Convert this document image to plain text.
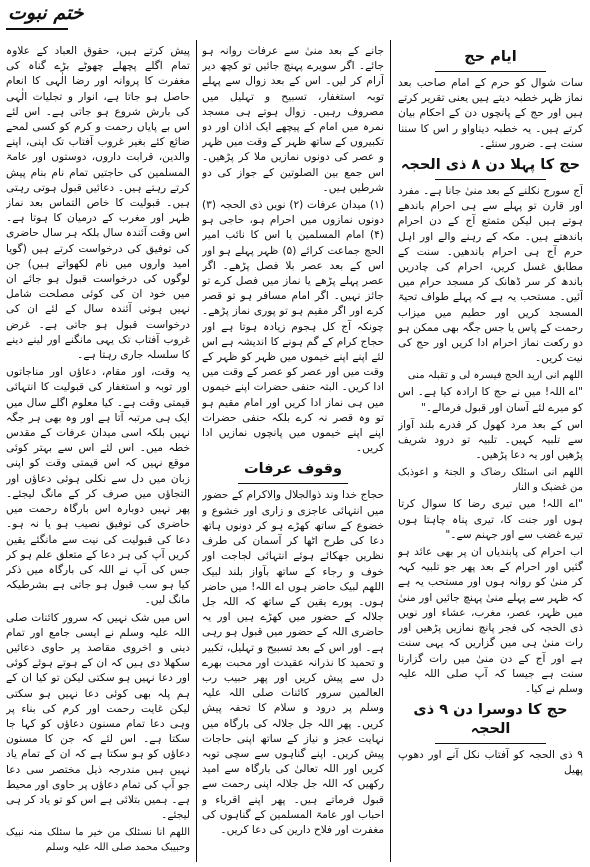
ختم نبوت
ایام حج

سات شوال کو حرم کے امام صاحب بعد نماز ظہر خطبہ دیتے ہیں یعنی تقریر کرتے ہیں اور حج کے پانچوں دن کے احکام بیان کرتے ہیں۔ یہ خطبہ دیناواو ر اس کا سننا سنت ہے۔ ضرور سنئے۔

حج کا پہلا دن ۸ ذی الحجہ

آج سورج نکلنے کے بعد منیٰ جانا ہے۔ مفرد اور قارن تو پہلے سے ہی احرام باندھے ہوتے ہیں لیکن متمتع آج کے دن احرام باندھتے ہیں۔ مکہ کے رہنے والے اور اہل حرم آج ہی احرام باندھیں۔ سنت کے مطابق غسل کریں، احرام کی چادریں باندھ کر سر ڈھانک کر مسجد حرام میں آئیں۔ مستحب یہ ہے کہ پہلے طواف تحیۃ المسجد کریں اور حطیم میں میزاب رحمت کے پاس یا جس جگہ بھی ممکن ہو دو رکعت نماز احرام ادا کریں اور حج کی نیت کریں۔

اللھم انی ارید الحج فیسرہ لی و تقبلہ منی

"اے اللہ! میں نے حج کا ارادہ کیا ہے۔ اس کو میرے لئے آسان اور قبول فرمالے۔"

اس کے بعد مرد کھول کر قدرے بلند آواز سے تلبیہ کہیں۔ تلبیہ تو درود شریف پڑھیں اور یہ دعا پڑھیں۔

اللھم انی اسئلک رضاک و الجنۃ و اعوذبک من غضبک و النار

"اے اللہ! میں تیری رضا کا سوال کرتا ہوں اور جنت کا، تیری پناہ چاہتا ہوں تیرے غضب سے اور جہنم سے۔"

اب احرام کی پابندیاں ان پر بھی عائد ہو گئیں اور احرام کے بعد پھر جو تلبیہ کہہ کر منیٰ کو روانہ ہوں اور مستحب یہ ہے کہ ظہر سے پہلے منیٰ پہنچ جائیں اور منیٰ میں ظہر، عصر، مغرب، عشاء اور نویں ذی الحجہ کی فجر پانچ نمازیں پڑھیں اور رات منیٰ ہی میں گزاریں کہ یہی سنت ہے اور آج کے دن منیٰ میں رات گزارنا سنت ہے جیسا کہ آپ صلی اللہ علیہ وسلم نے کیا۔

حج کا دوسرا دن ۹ ذی الحجہ

۹ ذی الحجہ کو آفتاب نکل آنے اور دھوپ پھیل

جانے کے بعد منیٰ سے عرفات روانہ ہو جائے۔ اگر سویرے پہنچ جائیں تو کچھ دیر آرام کر لیں۔ اس کے بعد زوال سے پہلے توبہ استغفار، تسبیح و تہلیل میں مصروف رہیں۔ زوال ہوتے ہی مسجد نمرہ میں امام کے پیچھے ایک اذان اور دو تکبیروں کے ساتھ ظہر کے وقت میں ظہر و عصر کی دونوں نمازیں ملا کر پڑھیں۔ اس جمع بین الصلوتین کے جواز کی دو شرطیں ہیں۔

(۱) میدان عرفات (۲) نویں ذی الحجہ (۳) دونوں نمازوں میں احرام ہو، حاجی ہو (۴) امام المسلمین یا اس کا نائب امیر الحج جماعت کرائے (۵) ظہر پہلے ہو اور اس کے بعد عصر بلا فصل پڑھے۔ اگر عصر پہلے پڑھے یا نماز میں فصل کرے تو جائز نہیں۔ اگر امام مسافر ہو تو قصر کرے اور اگر مقیم ہو تو پوری نماز پڑھے۔ چونکہ آج کل ہجوم زیادہ ہوتا ہے اور حجاج کرام کے گم ہونے کا اندیشہ ہے اس لئے اپنے اپنے خیموں میں ظہر کو ظہر کے وقت میں اور عصر کو عصر کے وقت میں ادا کریں۔ البتہ حنفی حضرات اپنے خیموں میں ہی نماز ادا کریں اور امام مقیم ہو تو وہ قصر نہ کرے بلکہ حنفی حضرات اپنے اپنے خیموں میں پانچوں نمازیں ادا کریں۔

وقوف عرفات

حجاج خدا وند ذوالجلال والاکرام کے حضور میں انتہائی عاجزی و زاری اور خشوع و خضوع کے ساتھ کھڑے ہو کر دونوں ہاتھ دعا کی طرح اٹھا کر آسمان کی طرف نظریں جھکائے ہوئے انتہائی لجاجت اور خوف و رجاء کے ساتھ بآواز بلند لبیک اللھم لبیک حاضر ہوں اے اللہ! میں حاضر ہوں۔ پورے یقین کے ساتھ کہ اللہ جل جلالہ کے حضور میں کھڑے ہیں اور یہ حاضری اللہ کے حضور میں قبول ہو رہی ہے۔ اور اس کے بعد تسبیح و تہلیل، تکبیر و تحمید کا نذرانہ عقیدت اور محبت بھرے دل سے پیش کریں اور پھر حبیب رب العالمین سرور کائنات صلی اللہ علیہ وسلم پر درود و سلام کا تحفہ پیش کریں۔ پھر اللہ جل جلالہ کی بارگاہ میں نہایت عجز و نیاز کے ساتھ اپنی حاجات پیش کریں۔ اپنے گناہوں سے سچی توبہ کریں اور اللہ تعالیٰ کی بارگاہ سے امید رکھیں کہ اللہ جل جلالہ اپنی رحمت سے قبول فرماتے ہیں۔ پھر اپنے اقرباء و احباب اور عامۃ المسلمین کے گناہوں کی مغفرت اور فلاح دارین کی دعا کریں۔

پیش کرتے ہیں، حقوق العباد کے علاوہ تمام اگلے پچھلے چھوٹے بڑے گناہ کی مغفرت کا پروانہ اور رضا الٰہی کا انعام حاصل ہو جاتا ہے، انوار و تجلیات الٰہی کی بارش شروع ہو جاتی ہے۔ اس لئے اس بے پایاں رحمت و کرم کو کسی لمحے ضائع کئے بغیر غروب آفتاب تک اپنی، اپنے والدین، قرابت داروں، دوستوں اور عامۃ المسلمین کی حاجتیں تمام نام بنام پیش کرتے رہتے ہیں۔ دعائیں قبول ہوتی رہتی ہیں۔ قبولیت کا خاص التماس بعد نماز ظہر اور مغرب کے درمیان کا ہوتا ہے۔ اس وقت آئندہ سال بلکہ ہر سال حاضری کی توفیق کی درخواست کرتے ہیں (گویا امید واروں میں نام لکھواتے ہیں) جن لوگوں کی درخواست قبول ہو جائے ان میں خود ان کی کوئی مصلحت شامل نہیں ہوتی آئندہ سال کے لئے ان کی درخواست قبول ہو جاتی ہے۔ غرض غروب آفتاب تک یہی مانگنے اور لینے دینے کا سلسلہ جاری رہتا ہے۔

یہ وقت، اور مقام، دعاؤں اور مناجاتوں اور توبہ و استغفار کی قبولیت کا انتہائی قیمتی وقت ہے۔ کیا معلوم اگلے سال میں ایک ہی مرتبہ آتا ہے اور وہ بھی ہر جگہ نہیں بلکہ اسی میدان عرفات کے مقدس خطہ میں۔ اس لئے اس سے بہتر کوئی موقع نہیں کہ اس قیمتی وقت کو اپنی زبان میں دل سے نکلی ہوئی دعاؤں اور التجاؤں میں صرف کر کے مانگ لیجئے۔ پھر نہیں دوبارہ اس بارگاہ رحمت میں حاضری کی توفیق نصیب ہو یا نہ ہو۔ دعا کی قبولیت کی نیت سے مانگئے یقین کریں آپ کی ہر دعا کے متعلق علم ہو کر جس کی آپ نے اللہ کی بارگاہ میں ذکر کیا ہو سب قبول ہو جاتی ہے بشرطیکہ مانگ لیں۔

اس میں شک نہیں کہ سرور کائنات صلی اللہ علیہ وسلم نے ایسی جامع اور تمام دینی و اخروی مقاصد پر حاوی دعائیں سکھلا دی ہیں کہ ان کے ہوتے ہوئے کوئی اور دعا نہیں ہو سکتی لیکن تو کیا ان کے ہم پلہ بھی کوئی دعا نہیں ہو سکتی لیکن غایت رحمت اور کرم کی بناء پر وہی دعا تمام مسنون دعاؤں کو کہا جا سکتا ہے۔ اس لئے کہ جن کا مسنون دعاؤں کو ہو سکتا ہے کہ ان کے تمام یاد نہیں ہیں مندرجہ ذیل مختصر سی دعا جو آپ کی تمام دعاؤں پر حاوی اور محیط ہے۔ ہمیں بتلائی ہے اس کو تو یاد کر ہی لیجئے۔

اللھم انا نسئلک من خیر ما سئلک منہ نبیک وحبیبک محمد صلی اللہ علیہ وسلم
